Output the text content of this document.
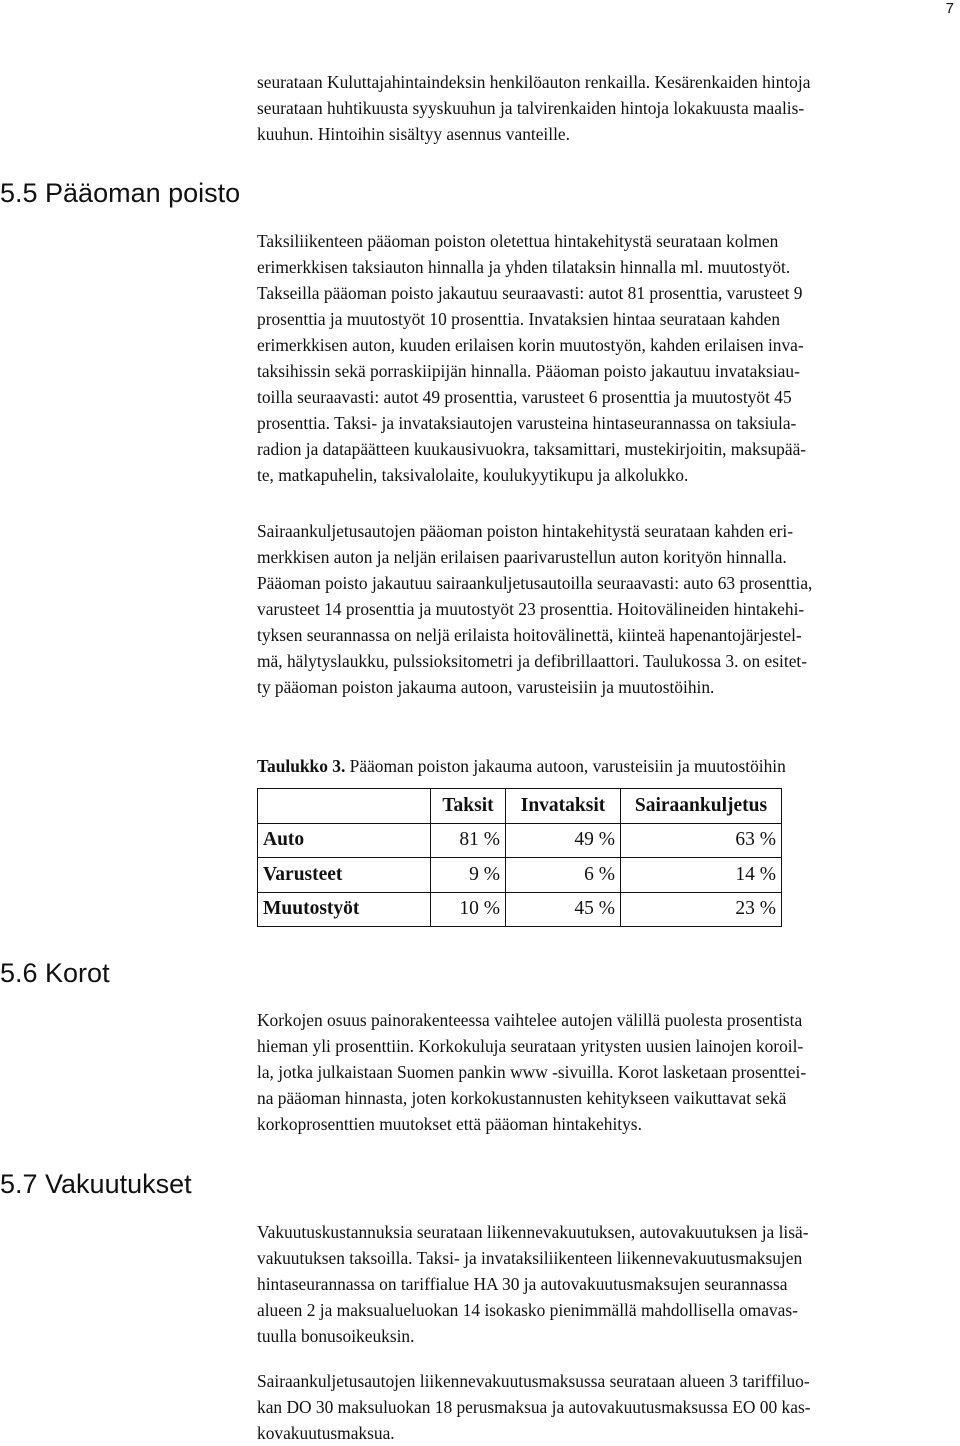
7
seurataan Kuluttajahintaindeksin henkilöauton renkailla. Kesärenkaiden hintoja
seurataan huhtikuusta syyskuuhun ja talvirenkaiden hintoja lokakuusta maalis-
kuuhun. Hintoihin sisältyy asennus vanteille.
5.5 Pääoman poisto
Taksiliikenteen pääoman poiston oletettua hintakehitystä seurataan kolmen
erimerkkisen taksiauton hinnalla ja yhden tilataksin hinnalla ml. muutostyöt.
Takseilla pääoman poisto jakautuu seuraavasti: autot 81 prosenttia, varusteet 9
prosenttia ja muutostyöt 10 prosenttia. Invataksien hintaa seurataan kahden
erimerkkisen auton, kuuden erilaisen korin muutostyön, kahden erilaisen inva-
taksihissin sekä porraskiipijän hinnalla. Pääoman poisto jakautuu invataksiau-
toilla seuraavasti: autot 49 prosenttia, varusteet 6 prosenttia ja muutostyöt 45
prosenttia. Taksi- ja invataksiautojen varusteina hintaseurannassa on taksiula-
radion ja datapäätteen kuukausivuokra, taksamittari, mustekirjoitin, maksupää-
te, matkapuhelin, taksivalolaite, koulukyytikupu ja alkolukko.
Sairaankuljetusautojen pääoman poiston hintakehitystä seurataan kahden eri-
merkkisen auton ja neljän erilaisen paarivarustellun auton korityön hinnalla.
Pääoman poisto jakautuu sairaankuljetusautoilla seuraavasti: auto 63 prosenttia,
varusteet 14 prosenttia ja muutostyöt 23 prosenttia. Hoitovälineiden hintakehi-
tyksen seurannassa on neljä erilaista hoitovälinettä, kiinteä hapenantojärjestel-
mä, hälytyslaukku, pulssioksitometri ja defibrillaattori. Taulukossa 3. on esitet-
ty pääoman poiston jakauma autoon, varusteisiin ja muutostöihin.

Taulukko 3. Pääoman poiston jakauma autoon, varusteisiin ja muutostöihin

	Taksit	Invataksit	Sairaankuljetus
Auto	81 %	49 %	63 %
Varusteet	9 %	6 %	14 %
Muutostyöt	10 %	45 %	23 %
5.6 Korot
Korkojen osuus painorakenteessa vaihtelee autojen välillä puolesta prosentista
hieman yli prosenttiin. Korkokuluja seurataan yritysten uusien lainojen koroil-
la, jotka julkaistaan Suomen pankin www -sivuilla. Korot lasketaan prosenttei-
na pääoman hinnasta, joten korkokustannusten kehitykseen vaikuttavat sekä
korkoprosenttien muutokset että pääoman hintakehitys.
5.7 Vakuutukset
Vakuutuskustannuksia seurataan liikennevakuutuksen, autovakuutuksen ja lisä-
vakuutuksen taksoilla. Taksi- ja invataksiliikenteen liikennevakuutusmaksujen
hintaseurannassa on tariffialue HA 30 ja autovakuutusmaksujen seurannassa
alueen 2 ja maksualueluokan 14 isokasko pienimmällä mahdollisella omavas-
tuulla bonusoikeuksin.
Sairaankuljetusautojen liikennevakuutusmaksussa seurataan alueen 3 tariffiluo-
kan DO 30 maksuluokan 18 perusmaksua ja autovakuutusmaksussa EO 00 kas-
kovakuutusmaksua.
